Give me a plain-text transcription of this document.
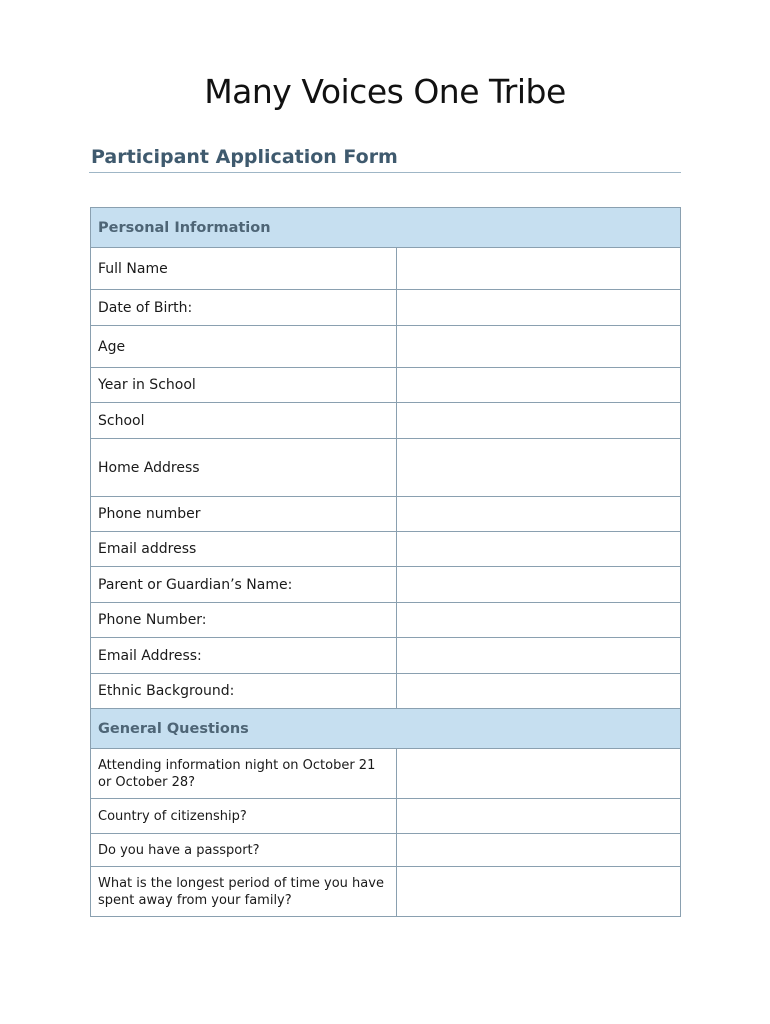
Many Voices One Tribe
Participant Application Form
Personal Information	
Full Name	
Date of Birth:	
Age	
Year in School	
School	
Home Address	
Phone number	
Email address	
Parent or Guardian’s Name:	
Phone Number:	
Email Address:	
Ethnic Background:	
General Questions	
Attending information night on October 21 or October 28?	
Country of citizenship?	
Do you have a passport?	
What is the longest period of time you have spent away from your family?	
